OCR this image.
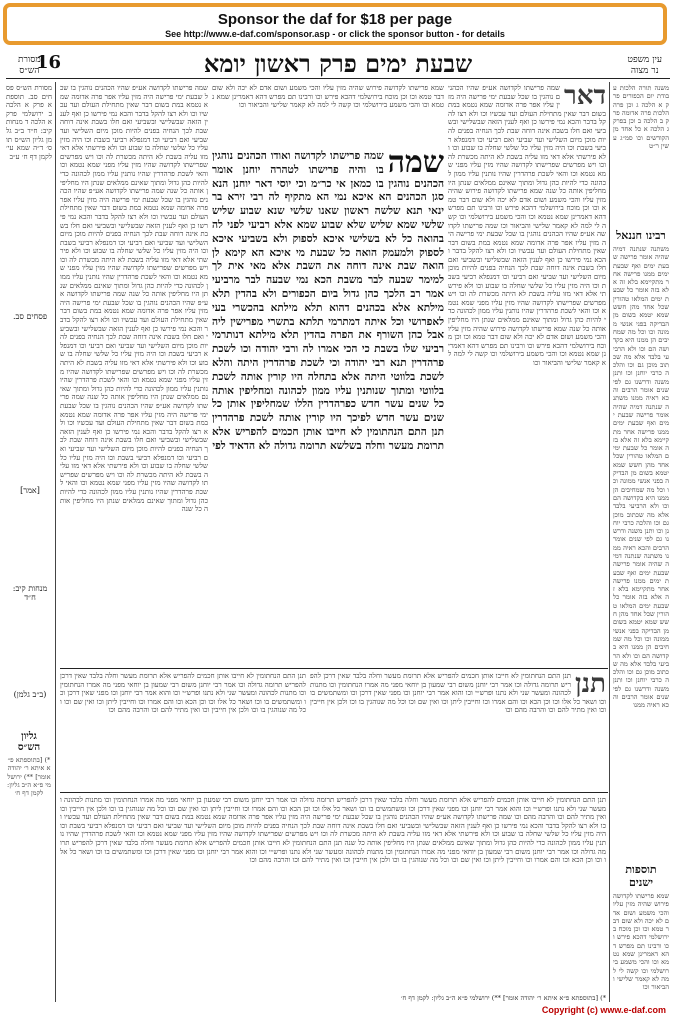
Sponsor the daf for $18 per page
See http://www.e-daf.com/sponsor.asp - or click the sponsor button - for details
16	שבעת ימים פרק ראשון יומא
מסורת
הש״ס
עין משפט
נר מצוה
מסורת הש״ס פסחים סב. תוספתא פרק א הלכה ב ירושלמי פרק א הלכה ד מנחות קיב: ח״ד ב״ב גלמן גליון הש״ס תוס׳ ד״ה שמא עי׳ לקמן דף ח׳ ע״ב
פסחים סב.
[אמר]
מנחות קיב: ח״ד
(ב״ב גלמן)
גליון
הש״ס
*) [בתוספתא פ״א איתא ר׳ יהודה אומר] **) ירושלמי פ״א ה״ב גליון: לקמן דף ח׳
שמה פרישתו לקדושה אע״פ שהיו הכהנים נוהגין בו שכל שבעת ימי פרישה היה מזין עליו אפר פרה אדומה שמא נטמא במת בשום דבר שאין מתחילת העולם ועד עכשיו וכו ולא רצו להקל בדבר והכא נמי פירשו כן ואף לענין הזאה שבשלישי ובשביעי ואם חלו בשבת אינה דוחה שבת לכך הנחיה בפנים להיות מוכן מיום השלישי ועד שביעי ואם רביעי וכו דמנפלא רביעי בשבת וכו היה מזין עליו כל שלשי שחלה בו שבוע וכו ולא פירשתי אלא דאי מזו עליה בשבת לא היתה מכשרת לה וכו ויש מפרשים שפרישתו לקדושה שהיו מזין עליו מפני שמא נטמא וכו והאי לשכת פרהדרין שהיו נותנין עליו ממון לכהונה כדי להיות כהן גדול ומתוך שאינם ממלאים שנתן היו מחליפין אותה כל שנה שמה פרישתו לקדושה אע״פ שהיו הכהנים נוהגין בו שכל שבעת ימי פרישה היה מזין עליו אפר פרה אדומה שמא נטמא במת בשום דבר שאין מתחילת העולם ועד עכשיו וכו ולא רצו להקל בדבר והכא נמי פירשו כן ואף לענין הזאה שבשלישי ובשביעי ואם חלו בשבת אינה דוחה שבת לכך הנחיה בפנים להיות מוכן מיום השלישי ועד שביעי ואם רביעי וכו דמנפלא רביעי בשבת וכו היה מזין עליו כל שלשי שחלה בו שבוע וכו ולא פירשתי אלא דאי מזו עליה בשבת לא היתה מכשרת לה וכו ויש מפרשים שפרישתו לקדושה שהיו מזין עליו מפני שמא נטמא וכו והאי לשכת פרהדרין שהיו נותנין עליו ממון לכהונה כדי להיות כהן גדול ומתוך שאינם ממלאים שנתן היו מחליפין אותה כל שנה שמה פרישתו לקדושה אע״פ שהיו הכהנים נוהגין בו שכל שבעת ימי פרישה היה מזין עליו אפר פרה אדומה שמא נטמא במת בשום דבר שאין מתחילת העולם ועד עכשיו וכו ולא רצו להקל בדבר והכא נמי פירשו כן ואף לענין הזאה שבשלישי ובשביעי ואם חלו בשבת אינה דוחה שבת לכך הנחיה בפנים להיות מוכן מיום השלישי ועד שביעי ואם רביעי וכו דמנפלא רביעי בשבת וכו היה מזין עליו כל שלשי שחלה בו שבוע וכו ולא פירשתי אלא דאי מזו עליה בשבת לא היתה מכשרת לה וכו ויש מפרשים שפרישתו לקדושה שהיו מזין עליו מפני שמא נטמא וכו והאי לשכת פרהדרין שהיו נותנין עליו ממון לכהונה כדי להיות כהן גדול ומתוך שאינם ממלאים שנתן היו מחליפין אותה כל שנה שמה פרישתו לקדושה אע״פ שהיו הכהנים נוהגין בו שכל שבעת ימי פרישה היה מזין עליו אפר פרה אדומה שמא נטמא במת בשום דבר שאין מתחילת העולם ועד עכשיו וכו ולא רצו להקל בדבר והכא נמי פירשו כן ואף לענין הזאה שבשלישי ובשביעי ואם חלו בשבת אינה דוחה שבת לכך הנחיה בפנים להיות מוכן מיום השלישי ועד שביעי ואם רביעי וכו דמנפלא רביעי בשבת וכו היה מזין עליו כל שלשי שחלה בו שבוע וכו ולא פירשתי אלא דאי מזו עליה בשבת לא היתה מכשרת לה וכו ויש מפרשים שפרישתו לקדושה שהיו מזין עליו מפני שמא נטמא וכו והאי לשכת פרהדרין שהיו נותנין עליו ממון לכהונה כדי להיות כהן גדול ומתוך שאינם ממלאים שנתן היו מחליפין אותה כל שנה
שמא פרישתו לקדושה פירוש שהיה מזין עליו והכי משמע ושום אדם לא יכה ולא שום דבר טמא וכו וכן מוכח בירושלמי דהכא פירש וכו ורבינו תם מפרש דהא דאמרינן שמא נטמא וכו והכי משמע בירושלמי וכו קשה לי למה לא קאמר שלישי והביאור וכו
שמה
שמה פרישתו לקדושה ואודו הכהנים נוהגין בו והיה פרישתו לטהרה יוחנן אומר הכהנים נוהגין בו כמאן אי כר״מ וכי יוסי דאר יוחנן הנא סגן הכהנים הא איכא נמי הא מתקיף לה רבי זירא בר ינאי תנא שלשה ראשון שאנו שלשי שנא שבוע שליש שלשי שמא שליש שלא שבוע שמא אלא רביעי לפני לה בהואה כל לא בשלישי איכא לספוק ולא בשביעי איכא לספוק ולמעמק הואה כל שבעת מי איכא הא קימא לן הואה שבת אינה דוחה את השבת אלא מאי אית לך למימר שבעה לבר משבת הכא נמי שבעה לבר מרביעי אמר רב הלכך כהן גדול ביום הכפורים ולא בהדין תלא מילתא אלא בכהנים דהוא תלא מילתא בהכשרי בעי לאפרושי וכל איתה דמתרמי תלתא בתשרי מפרישין ליה אבל כהן השורף את הפרה בהדין תלא מילתא דנותרמי רביעי שלו בשבת כי הכי אמרו לה ורבי יהודה וכו לשכת פרהדרין תנא רבי יהודה וכי לשכת פרהדרין היתה והלא לשכת בלווטי היתה אלא בתחלה היו קורין אותה לשכת בלווטי ומתוך שנותנין עליו ממון לכהונה ומחליפין אותה כל שנים עשר חדש כפרהדרין הללו שמחליפין אותן כל שנים עשר חדש לפיכך היו קורין אותה לשכת פרהדרין תנן התם הנהתומין לא חייבו אותן חכמים להפריש אלא תרומת מעשר וחלה בשלשא תרומה גדולה לא הדאיד לפי
דאר
שמה פרישתו לקדושה אע״פ שהיו הכהנים נוהגין בו שכל שבעת ימי פרישה היה מזין עליו אפר פרה אדומה שמא נטמא במת בשום דבר שאין מתחילת העולם ועד עכשיו וכו ולא רצו להקל בדבר והכא נמי פירשו כן ואף לענין הזאה שבשלישי ובשביעי ואם חלו בשבת אינה דוחה שבת לכך הנחיה בפנים להיות מוכן מיום השלישי ועד שביעי ואם רביעי וכו דמנפלא רביעי בשבת וכו היה מזין עליו כל שלשי שחלה בו שבוע וכו ולא פירשתי אלא דאי מזו עליה בשבת לא היתה מכשרת לה וכו ויש מפרשים שפרישתו לקדושה שהיו מזין עליו מפני שמא נטמא וכו והאי לשכת פרהדרין שהיו נותנין עליו ממון לכהונה כדי להיות כהן גדול ומתוך שאינם ממלאים שנתן היו מחליפין אותה כל שנה שמא פרישתו לקדושה פירוש שהיה מזין עליו והכי משמע ושום אדם לא יכה ולא שום דבר טמא וכו וכן מוכח בירושלמי דהכא פירש וכו ורבינו תם מפרש דהא דאמרינן שמא נטמא וכו והכי משמע בירושלמי וכו קשה לי למה לא קאמר שלישי והביאור וכו שמה פרישתו לקדושה אע״פ שהיו הכהנים נוהגין בו שכל שבעת ימי פרישה היה מזין עליו אפר פרה אדומה שמא נטמא במת בשום דבר שאין מתחילת העולם ועד עכשיו וכו ולא רצו להקל בדבר והכא נמי פירשו כן ואף לענין הזאה שבשלישי ובשביעי ואם חלו בשבת אינה דוחה שבת לכך הנחיה בפנים להיות מוכן מיום השלישי ועד שביעי ואם רביעי וכו דמנפלא רביעי בשבת וכו היה מזין עליו כל שלשי שחלה בו שבוע וכו ולא פירשתי אלא דאי מזו עליה בשבת לא היתה מכשרת לה וכו ויש מפרשים שפרישתו לקדושה שהיו מזין עליו מפני שמא נטמא וכו והאי לשכת פרהדרין שהיו נותנין עליו ממון לכהונה כדי להיות כהן גדול ומתוך שאינם ממלאים שנתן היו מחליפין אותה כל שנה שמא פרישתו לקדושה פירוש שהיה מזין עליו והכי משמע ושום אדם לא יכה ולא שום דבר טמא וכו וכן מוכח בירושלמי דהכא פירש וכו ורבינו תם מפרש דהא דאמרינן שמא נטמא וכו והכי משמע בירושלמי וכו קשה לי למה לא קאמר שלישי והביאור וכו
משנה תורה הלכות עבודת יום הכפורים פרק א הלכה ג וכן פרה הלכות פרה אדומה פרק ב הלכה ב וכן בפרק ג הלכה א כל אחד מן הקודשים וכו סמ״ג עשין ר״ט
רבינו חננאל
משתנה שנתנה דמיה שהיה אומר פרישה שבעת ימים ואף שבעת ימים ממנו פרישה אחר מתקיימא בלא זה אלא בזה אומר כל שבעת ימים המלאו טהורין שכל אחד מהן חשש שמא יטמא בשום מן הבדיקה בפני אנשי ממונה וכו וכל מה שמחיבים הן ממנו היא בקדושה הם וכו ולא הרביעי בלבד אלא מה שכתוב מוכן גם וכו והלכה כרבי יוחנן וכו ותנן משנה ודרשנו גם לפי שנים אומר הרבים והכא ראיה ממנו משתנה שנתנה דמיה שהיה אומר פרישה שבעת ימים ואף שבעת ימים ממנו פרישה אחר מתקיימא בלא זה אלא בזה אומר כל שבעת ימים המלאו טהורין שכל אחד מהן חשש שמא יטמא בשום מן הבדיקה בפני אנשי ממונה וכו וכל מה שמחיבים הן ממנו היא בקדושה הם וכו ולא הרביעי בלבד אלא מה שכתוב מוכן גם וכו והלכה כרבי יוחנן וכו ותנן משנה ודרשנו גם לפי שנים אומר הרבים והכא ראיה ממנו משתנה שנתנה דמיה שהיה אומר פרישה שבעת ימים ואף שבעת ימים ממנו פרישה אחר מתקיימא בלא זה אלא בזה אומר כל שבעת ימים המלאו טהורין שכל אחד מהן חשש שמא יטמא בשום מן הבדיקה בפני אנשי ממונה וכו וכל מה שמחיבים הן ממנו היא בקדושה הם וכו ולא הרביעי בלבד אלא מה שכתוב מוכן גם וכו והלכה כרבי יוחנן וכו ותנן משנה ודרשנו גם לפי שנים אומר הרבים והכא ראיה ממנו
תוספות ישנים
שמא פרישתו לקדושה פירוש שהיה מזין עליו והכי משמע ושום אדם לא יכה ולא שום דבר טמא וכו וכן מוכח בירושלמי דהכא פירש וכו ורבינו תם מפרש דהא דאמרינן שמא נטמא וכו והכי משמע בירושלמי וכו קשה לי למה לא קאמר שלישי והביאור וכו
תנן התם הנחתומין לא חייבו אותן חכמים להפריש אלא תרומת מעשר וחלה בלבד שאין דרכן להפריש תרומה גדולה וכו אמר רבי יוחנן משום רבי שמעון בן יוחאי מפני מה אמרו הנחתומין וכו מתנות לכהונה ומעשר שני ולא נתנו ופרש״י וכו והוא אמר רבי יוחנן וכו מפני שאין דרכן וכו ומשתמשים בו וכו ושאר כל אלו וכו וכן הכא וכו והם אמרו וכו וחייבין ליתן וכו ואין שם וכו וכל מה שנוהגין בו וכו ולכן אין חייבין וכו ואין מתיר להם וכו והרבה מהם וכו
תנן
תנן התם הנחתומין לא חייבו אותן חכמים להפריש אלא תרומת מעשר וחלה בלבד שאין דרכן להפריש תרומה גדולה וכו אמר רבי יוחנן משום רבי שמעון בן יוחאי מפני מה אמרו הנחתומין וכו מתנות לכהונה ומעשר שני ולא נתנו ופרש״י וכו והוא אמר רבי יוחנן וכו מפני שאין דרכן וכו ומשתמשים בו וכו ושאר כל אלו וכו וכן הכא וכו והם אמרו וכו וחייבין ליתן וכו ואין שם וכו וכל מה שנוהגין בו וכו ולכן אין חייבין וכו ואין מתיר להם וכו והרבה מהם וכו
תנן התם הנחתומין לא חייבו אותן חכמים להפריש אלא תרומת מעשר וחלה בלבד שאין דרכן להפריש תרומה גדולה וכו אמר רבי יוחנן משום רבי שמעון בן יוחאי מפני מה אמרו הנחתומין וכו מתנות לכהונה ומעשר שני ולא נתנו ופרש״י וכו והוא אמר רבי יוחנן וכו מפני שאין דרכן וכו ומשתמשים בו וכו ושאר כל אלו וכו וכן הכא וכו והם אמרו וכו וחייבין ליתן וכו ואין שם וכו וכל מה שנוהגין בו וכו ולכן אין חייבין וכו ואין מתיר להם וכו והרבה מהם וכו שמה פרישתו לקדושה אע״פ שהיו הכהנים נוהגין בו שכל שבעת ימי פרישה היה מזין עליו אפר פרה אדומה שמא נטמא במת בשום דבר שאין מתחילת העולם ועד עכשיו וכו ולא רצו להקל בדבר והכא נמי פירשו כן ואף לענין הזאה שבשלישי ובשביעי ואם חלו בשבת אינה דוחה שבת לכך הנחיה בפנים להיות מוכן מיום השלישי ועד שביעי ואם רביעי וכו דמנפלא רביעי בשבת וכו היה מזין עליו כל שלשי שחלה בו שבוע וכו ולא פירשתי אלא דאי מזו עליה בשבת לא היתה מכשרת לה וכו ויש מפרשים שפרישתו לקדושה שהיו מזין עליו מפני שמא נטמא וכו והאי לשכת פרהדרין שהיו נותנין עליו ממון לכהונה כדי להיות כהן גדול ומתוך שאינם ממלאים שנתן היו מחליפין אותה כל שנה תנן התם הנחתומין לא חייבו אותן חכמים להפריש אלא תרומת מעשר וחלה בלבד שאין דרכן להפריש תרומה גדולה וכו אמר רבי יוחנן משום רבי שמעון בן יוחאי מפני מה אמרו הנחתומין וכו מתנות לכהונה ומעשר שני ולא נתנו ופרש״י וכו והוא אמר רבי יוחנן וכו מפני שאין דרכן וכו ומשתמשים בו וכו ושאר כל אלו וכו וכן הכא וכו והם אמרו וכו וחייבין ליתן וכו ואין שם וכו וכל מה שנוהגין בו וכו ולכן אין חייבין וכו ואין מתיר להם וכו והרבה מהם וכו
*) [בתוספתא פ״א איתא ר׳ יהודה אומר] **) ירושלמי פ״א ה״ב גליון: לקמן דף ח׳
Copyright (c) www.e-daf.com
